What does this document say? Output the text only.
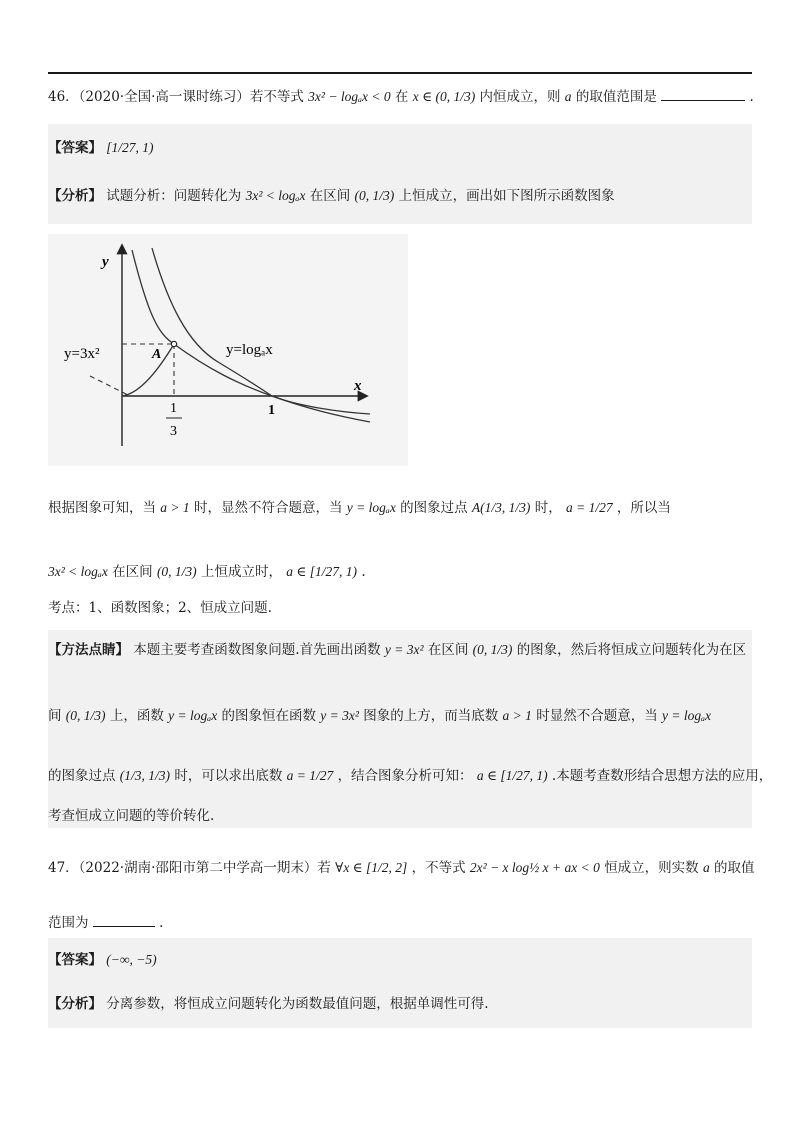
46．（2020·全国·高一课时练习）若不等式 3x² − logₐx < 0 在 x ∈ (0, 1/3) 内恒成立，则 a 的取值范围是	.
【答案】 [1/27, 1)
【分析】 试题分析：问题转化为 3x² < logₐx 在区间 (0, 1/3) 上恒成立，画出如下图所示函数图象
y
x
A
y=3x²	y=logₐx
1
1
3
根据图象可知，当 a > 1 时，显然不符合题意，当 y = logₐx 的图象过点 A(1/3, 1/3) 时， a = 1/27 ，所以当
3x² < logₐx 在区间 (0, 1/3) 上恒成立时， a ∈ [1/27, 1) .
考点：1、函数图象；2、恒成立问题.
【方法点睛】 本题主要考查函数图象问题.首先画出函数 y = 3x² 在区间 (0, 1/3) 的图象，然后将恒成立问题转化为在区
间 (0, 1/3) 上，函数 y = logₐx 的图象恒在函数 y = 3x² 图象的上方，而当底数 a > 1 时显然不合题意，当 y = logₐx
的图象过点 (1/3, 1/3) 时，可以求出底数 a = 1/27 ，结合图象分析可知： a ∈ [1/27, 1) .本题考查数形结合思想方法的应用，
考查恒成立问题的等价转化.
47．（2022·湖南·邵阳市第二中学高一期末）若 ∀x ∈ [1/2, 2] ，不等式 2x² − x log½ x + ax < 0 恒成立，则实数 a 的取值
范围为	.
【答案】 (−∞, −5)
【分析】 分离参数，将恒成立问题转化为函数最值问题，根据单调性可得.
